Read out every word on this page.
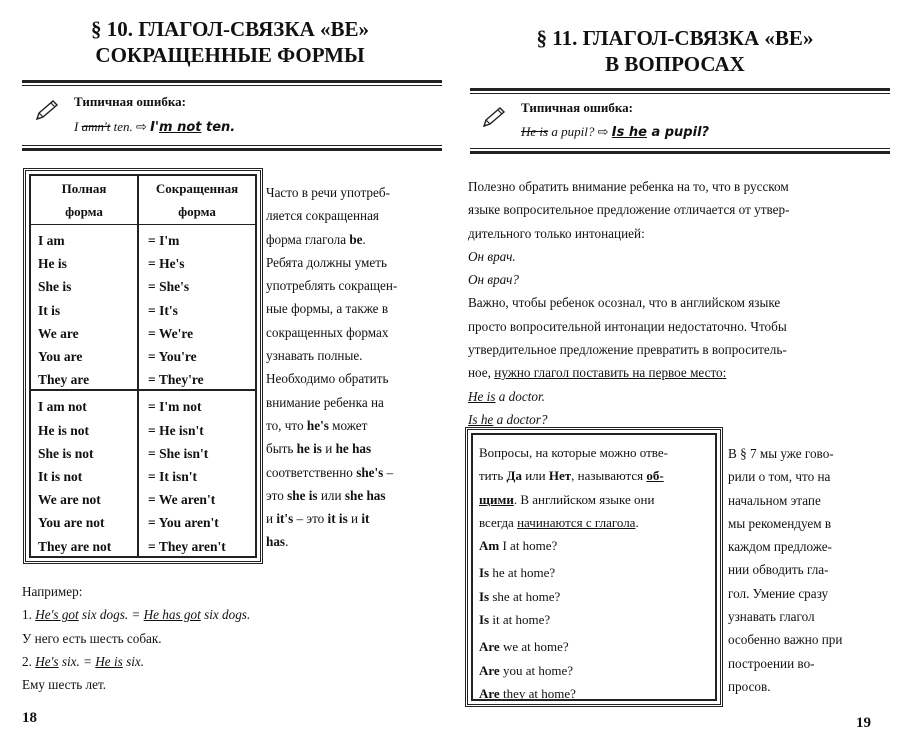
§ 10. ГЛАГОЛ-СВЯЗКА «BE»
СОКРАЩЕННЫЕ ФОРМЫ
Типичная ошибка:
I amn't ten. ⇨ I'm not ten.
Полная
форма
Сокращенная
форма
I am
He is
She is
It is
We are
You are
They are
I am not
He is not
She is not
It is not
We are not
You are not
They are not
= I'm
= He's
= She's
= It's
= We're
= You're
= They're
= I'm not
= He isn't
= She isn't
= It isn't
= We aren't
= You aren't
= They aren't
Часто в речи употреб-
ляется сокращенная
форма глагола be.
Ребята должны уметь
употреблять сокращен-
ные формы, а также в
сокращенных формах
узнавать полные.
Необходимо обратить
внимание ребенка на
то, что he's может
быть he is и he has
соответственно she's –
это she is или she has
и it's – это it is и it
has.
Например:
1. He's got six dogs. = He has got six dogs.
У него есть шесть собак.
2. He's six. = He is six.
Ему шесть лет.
18
§ 11. ГЛАГОЛ-СВЯЗКА «BE»
В ВОПРОСАХ
Типичная ошибка:
He is a pupil? ⇨ Is he a pupil?
Полезно обратить внимание ребенка на то, что в русском
языке вопросительное предложение отличается от утвер-
дительного только интонацией:
Он врач.
Он врач?
Важно, чтобы ребенок осознал, что в английском языке
просто вопросительной интонации недостаточно. Чтобы
утвердительное предложение превратить в вопроситель-
ное, нужно глагол поставить на первое место:
He is a doctor.
Is he a doctor?
Вопросы, на которые можно отве-
тить Да или Нет, называются об-
щими. В английском языке они
всегда начинаются с глагола.
Am I at home?
Is he at home?
Is she at home?
Is it at home?
Are we at home?
Are you at home?
Are they at home?
В § 7 мы уже гово-
рили о том, что на
начальном этапе
мы рекомендуем в
каждом предложе-
нии обводить гла-
гол. Умение сразу
узнавать глагол
особенно важно при
построении во-
просов.
19
